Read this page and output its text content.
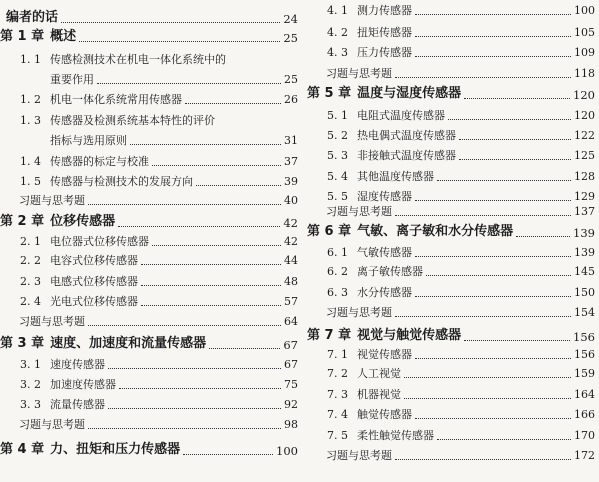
编者的话	24
第 1 章 概述	25
1. 1 传感检测技术在机电一体化系统中的
重要作用	25
1. 2 机电一体化系统常用传感器	26
1. 3 传感器及检测系统基本特性的评价
指标与选用原则	31
1. 4 传感器的标定与校准	37
1. 5 传感器与检测技术的发展方向	39
习题与思考题	40
第 2 章 位移传感器	42
2. 1 电位器式位移传感器	42
2. 2 电容式位移传感器	44
2. 3 电感式位移传感器	48
2. 4 光电式位移传感器	57
习题与思考题	64
第 3 章 速度、加速度和流量传感器	67
3. 1 速度传感器	67
3. 2 加速度传感器	75
3. 3 流量传感器	92
习题与思考题	98
第 4 章 力、扭矩和压力传感器	100
4. 1 测力传感器	100
4. 2 扭矩传感器	105
4. 3 压力传感器	109
习题与思考题	118
第 5 章 温度与湿度传感器	120
5. 1 电阻式温度传感器	120
5. 2 热电偶式温度传感器	122
5. 3 非接触式温度传感器	125
5. 4 其他温度传感器	128
5. 5 湿度传感器	129
习题与思考题	137
第 6 章 气敏、离子敏和水分传感器	139
6. 1 气敏传感器	139
6. 2 离子敏传感器	145
6. 3 水分传感器	150
习题与思考题	154
第 7 章 视觉与触觉传感器	156
7. 1 视觉传感器	156
7. 2 人工视觉	159
7. 3 机器视觉	164
7. 4 触觉传感器	166
7. 5 柔性触觉传感器	170
习题与思考题	172
